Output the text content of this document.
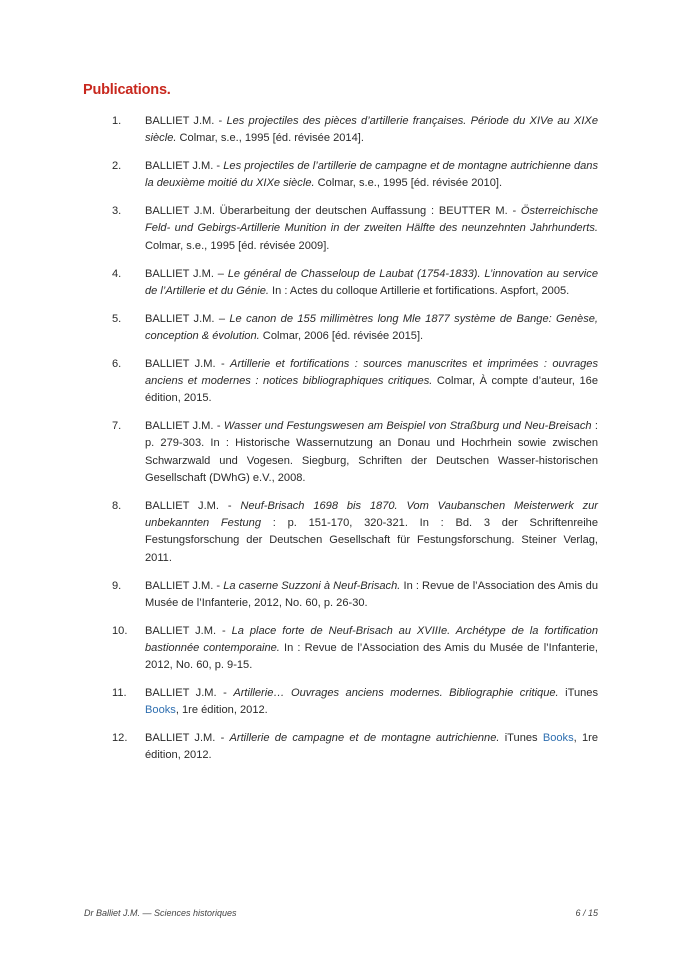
Publications.
1.	BALLIET J.M. - Les projectiles des pièces d’artillerie françaises. Période du XIVe au XIXe siècle. Colmar, s.e., 1995 [éd. révisée 2014].
2.	BALLIET J.M. - Les projectiles de l’artillerie de campagne et de montagne autrichienne dans la deuxième moitié du XIXe siècle. Colmar, s.e., 1995 [éd. révisée 2010].
3.	BALLIET J.M. Überarbeitung der deutschen Auffassung : BEUTTER M. - Österreichische Feld- und Gebirgs-Artillerie Munition in der zweiten Hälfte des neunzehnten Jahrhunderts. Colmar, s.e., 1995 [éd. révisée 2009].
4.	BALLIET J.M. – Le général de Chasseloup de Laubat (1754-1833). L’innovation au service de l’Artillerie et du Génie. In : Actes du colloque Artillerie et fortifications. Aspfort, 2005.
5.	BALLIET J.M. – Le canon de 155 millimètres long Mle 1877 système de Bange: Genèse, conception & évolution. Colmar, 2006 [éd. révisée 2015].
6.	BALLIET J.M. - Artillerie et fortifications : sources manuscrites et imprimées : ouvrages anciens et modernes : notices bibliographiques critiques. Colmar, À compte d’auteur, 16e édition, 2015.
7.	BALLIET J.M. - Wasser und Festungswesen am Beispiel von Straßburg und Neu-Breisach : p. 279-303. In : Historische Wassernutzung an Donau und Hochrhein sowie zwischen Schwarzwald und Vogesen. Siegburg, Schriften der Deutschen Wasser-historischen Gesellschaft (DWhG) e.V., 2008.
8.	BALLIET J.M. - Neuf-Brisach 1698 bis 1870. Vom Vaubanschen Meisterwerk zur unbekannten Festung : p. 151-170, 320-321. In : Bd. 3 der Schriftenreihe Festungsforschung der Deutschen Gesellschaft für Festungsforschung. Steiner Verlag, 2011.
9.	BALLIET J.M. - La caserne Suzzoni à Neuf-Brisach. In : Revue de l’Association des Amis du Musée de l’Infanterie, 2012, No. 60, p. 26-30.
10.	BALLIET J.M. - La place forte de Neuf-Brisach au XVIIIe. Archétype de la fortification bastionnée contemporaine. In : Revue de l’Association des Amis du Musée de l’Infanterie, 2012, No. 60, p. 9-15.
11.	BALLIET J.M. - Artillerie… Ouvrages anciens modernes. Bibliographie critique. iTunes Books, 1re édition, 2012.
12.	BALLIET J.M. - Artillerie de campagne et de montagne autrichienne. iTunes Books, 1re édition, 2012.
Dr Balliet J.M. — Sciences historiques	6 / 15
